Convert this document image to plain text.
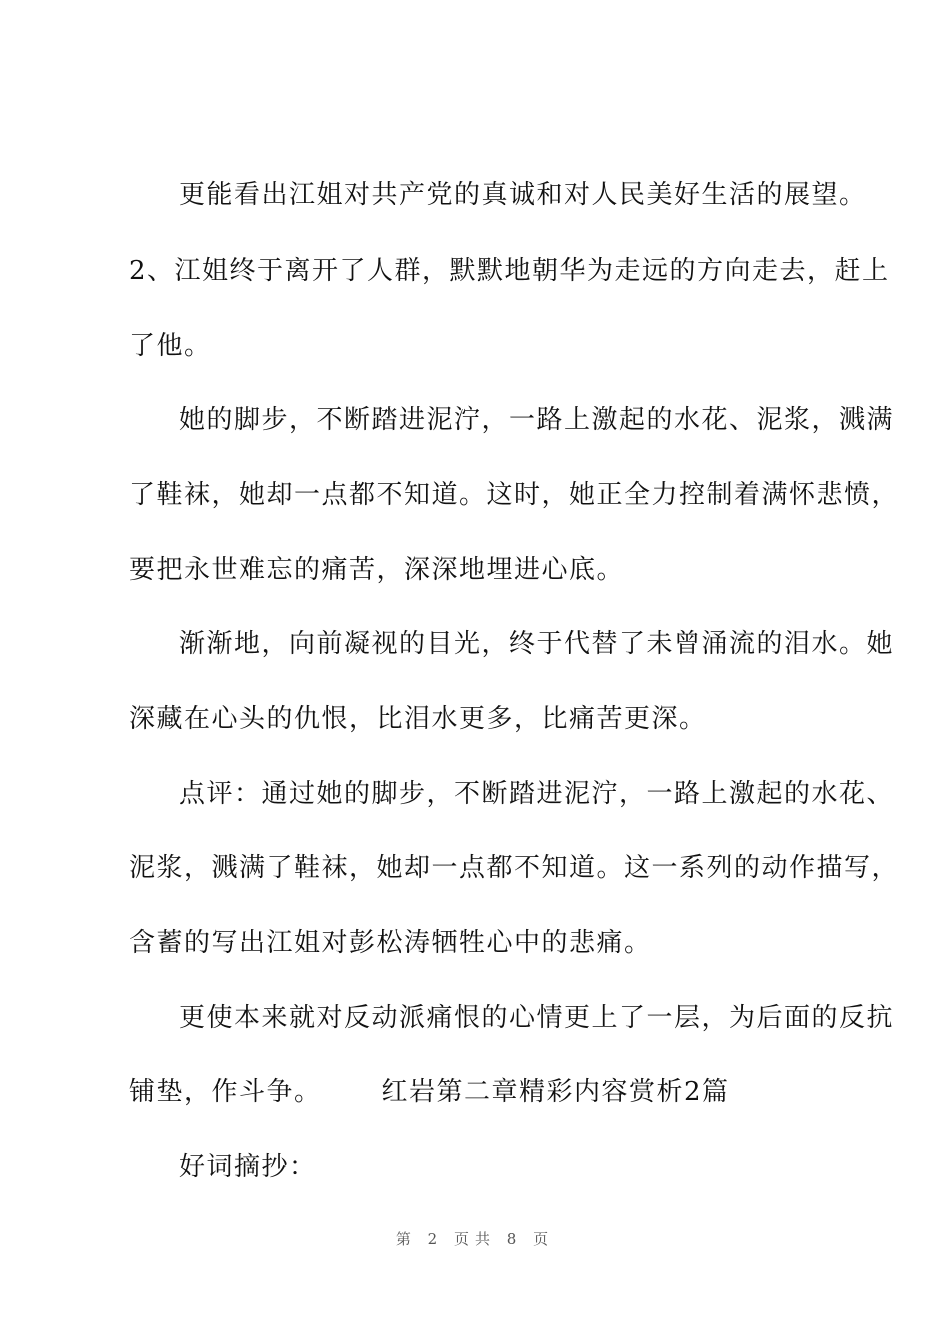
更能看出江姐对共产党的真诚和对人民美好生活的展望。
2、江姐终于离开了人群，默默地朝华为走远的方向走去，赶上
了他。
她的脚步，不断踏进泥泞，一路上激起的水花、泥浆，溅满
了鞋袜，她却一点都不知道。这时，她正全力控制着满怀悲愤，
要把永世难忘的痛苦，深深地埋进心底。
渐渐地，向前凝视的目光，终于代替了未曾涌流的泪水。她
深藏在心头的仇恨，比泪水更多，比痛苦更深。
点评：通过她的脚步，不断踏进泥泞，一路上激起的水花、
泥浆，溅满了鞋袜，她却一点都不知道。这一系列的动作描写，
含蓄的写出江姐对彭松涛牺牲心中的悲痛。
更使本来就对反动派痛恨的心情更上了一层，为后面的反抗
铺垫，作斗争。 红岩第二章精彩内容赏析2篇
好词摘抄：
第 2 页共 8 页
